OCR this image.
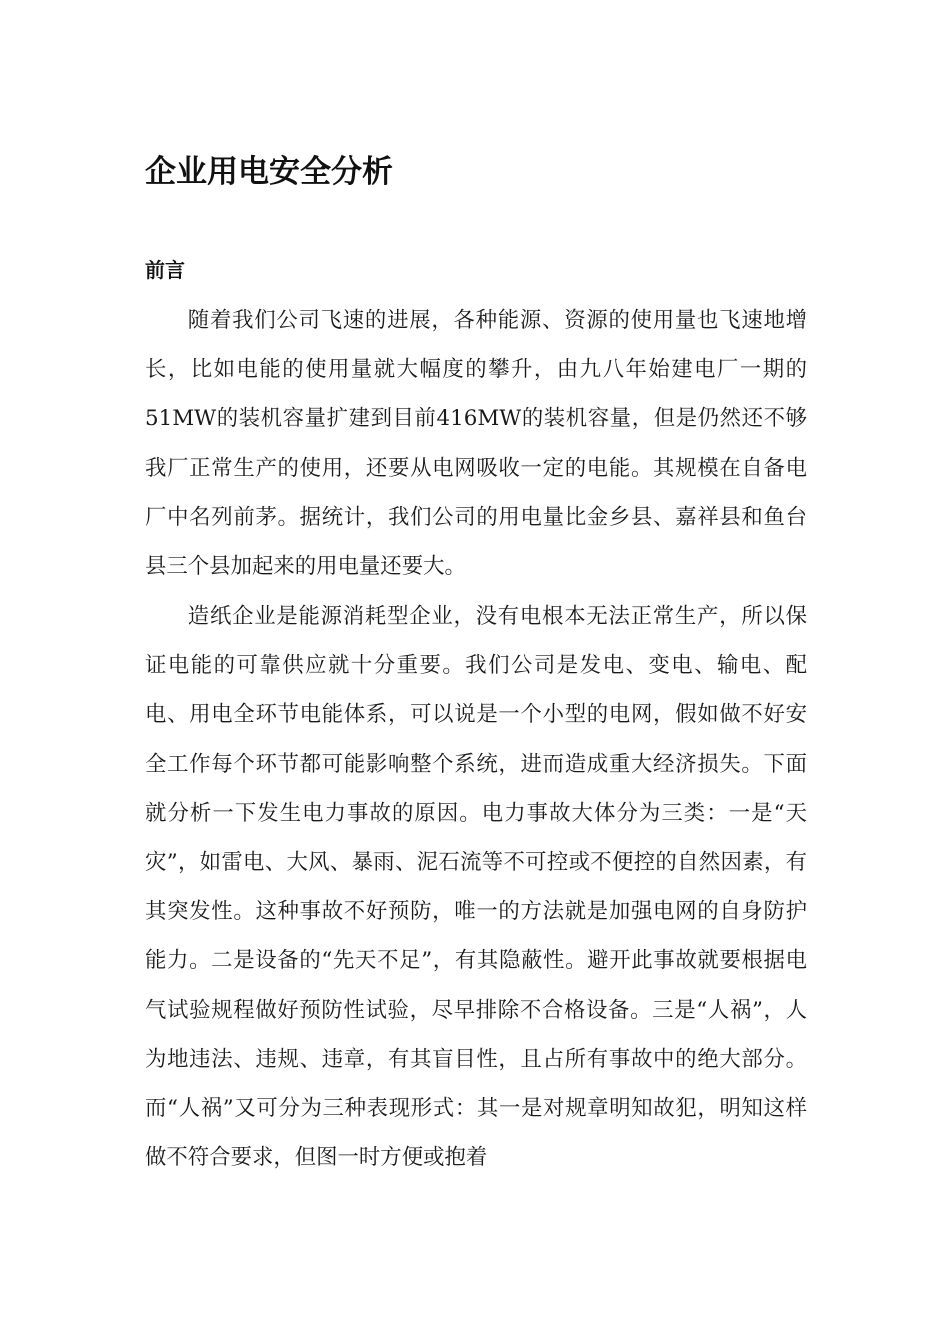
企业用电安全分析
前言

随着我们公司飞速的进展，各种能源、资源的使用量也飞速地增长，比如电能的使用量就大幅度的攀升，由九八年始建电厂一期的51MW的装机容量扩建到目前416MW的装机容量，但是仍然还不够我厂正常生产的使用，还要从电网吸收一定的电能。其规模在自备电厂中名列前茅。据统计，我们公司的用电量比金乡县、嘉祥县和鱼台县三个县加起来的用电量还要大。

造纸企业是能源消耗型企业，没有电根本无法正常生产，所以保证电能的可靠供应就十分重要。我们公司是发电、变电、输电、配电、用电全环节电能体系，可以说是一个小型的电网，假如做不好安全工作每个环节都可能影响整个系统，进而造成重大经济损失。下面就分析一下发生电力事故的原因。电力事故大体分为三类：一是“天灾”，如雷电、大风、暴雨、泥石流等不可控或不便控的自然因素，有其突发性。这种事故不好预防，唯一的方法就是加强电网的自身防护能力。二是设备的“先天不足”，有其隐蔽性。避开此事故就要根据电气试验规程做好预防性试验，尽早排除不合格设备。三是“人祸”，人为地违法、违规、违章，有其盲目性，且占所有事故中的绝大部分。而“人祸”又可分为三种表现形式：其一是对规章明知故犯，明知这样做不符合要求，但图一时方便或抱着
